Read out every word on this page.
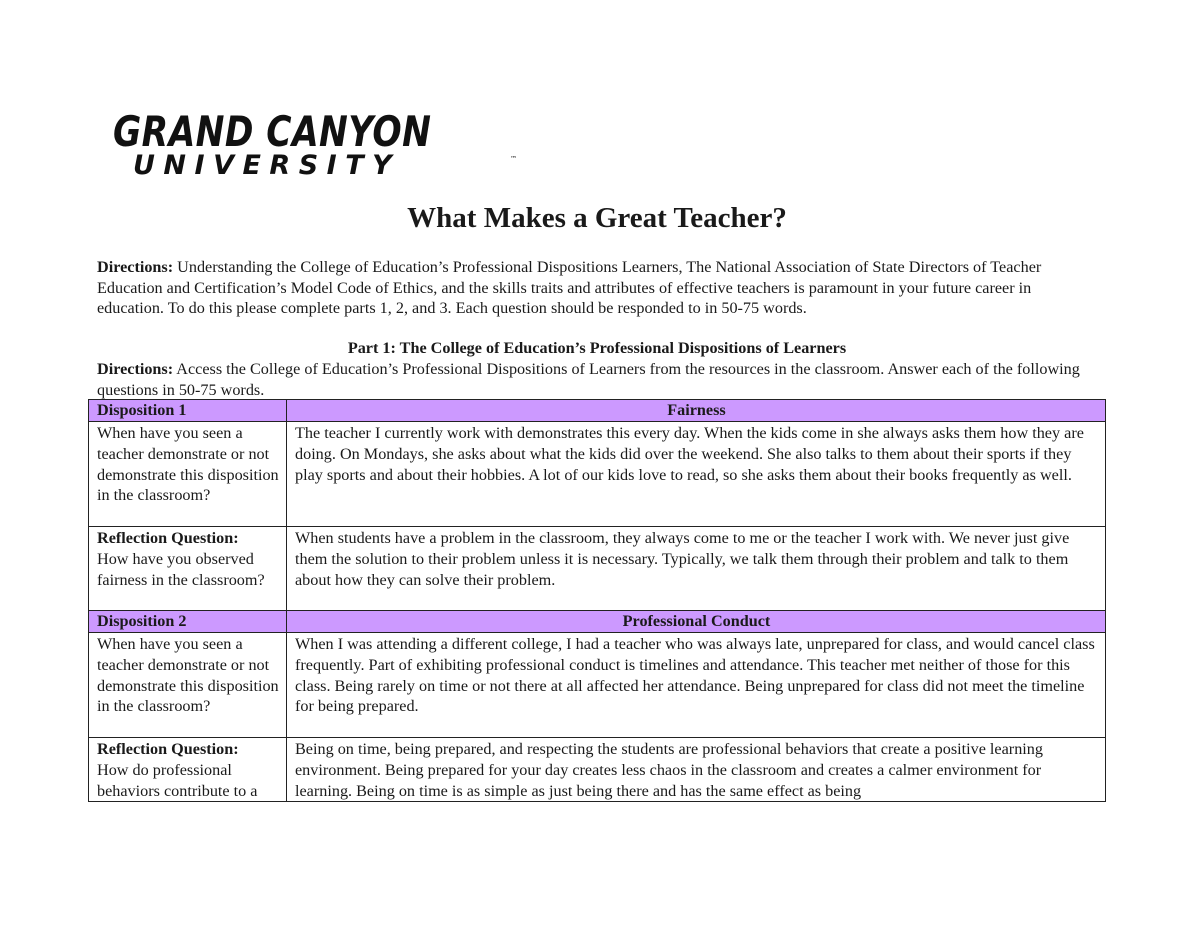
GRAND CANYON
UNIVERSITY	™
What Makes a Great Teacher?
Directions: Understanding the College of Education’s Professional Dispositions Learners, The National Association of State Directors of Teacher Education and Certification’s Model Code of Ethics, and the skills traits and attributes of effective teachers is paramount in your future career in education. To do this please complete parts 1, 2, and 3. Each question should be responded to in 50-75 words.
Part 1: The College of Education’s Professional Dispositions of Learners
Directions: Access the College of Education’s Professional Dispositions of Learners from the resources in the classroom. Answer each of the following questions in 50-75 words.
Disposition 1	Fairness
When have you seen a teacher demonstrate or not demonstrate this disposition in the classroom?	The teacher I currently work with demonstrates this every day. When the kids come in she always asks them how they are doing. On Mondays, she asks about what the kids did over the weekend. She also talks to them about their sports if they play sports and about their hobbies. A lot of our kids love to read, so she asks them about their books frequently as well.
Reflection Question:
How have you observed fairness in the classroom?	When students have a problem in the classroom, they always come to me or the teacher I work with. We never just give them the solution to their problem unless it is necessary. Typically, we talk them through their problem and talk to them about how they can solve their problem.
Disposition 2	Professional Conduct
When have you seen a teacher demonstrate or not demonstrate this disposition in the classroom?	When I was attending a different college, I had a teacher who was always late, unprepared for class, and would cancel class frequently. Part of exhibiting professional conduct is timelines and attendance. This teacher met neither of those for this class. Being rarely on time or not there at all affected her attendance. Being unprepared for class did not meet the timeline for being prepared.

Reflection Question:
How do professional behaviors contribute to a	Being on time, being prepared, and respecting the students are professional behaviors that create a positive learning environment. Being prepared for your day creates less chaos in the classroom and creates a calmer environment for learning. Being on time is as simple as just being there and has the same effect as being
